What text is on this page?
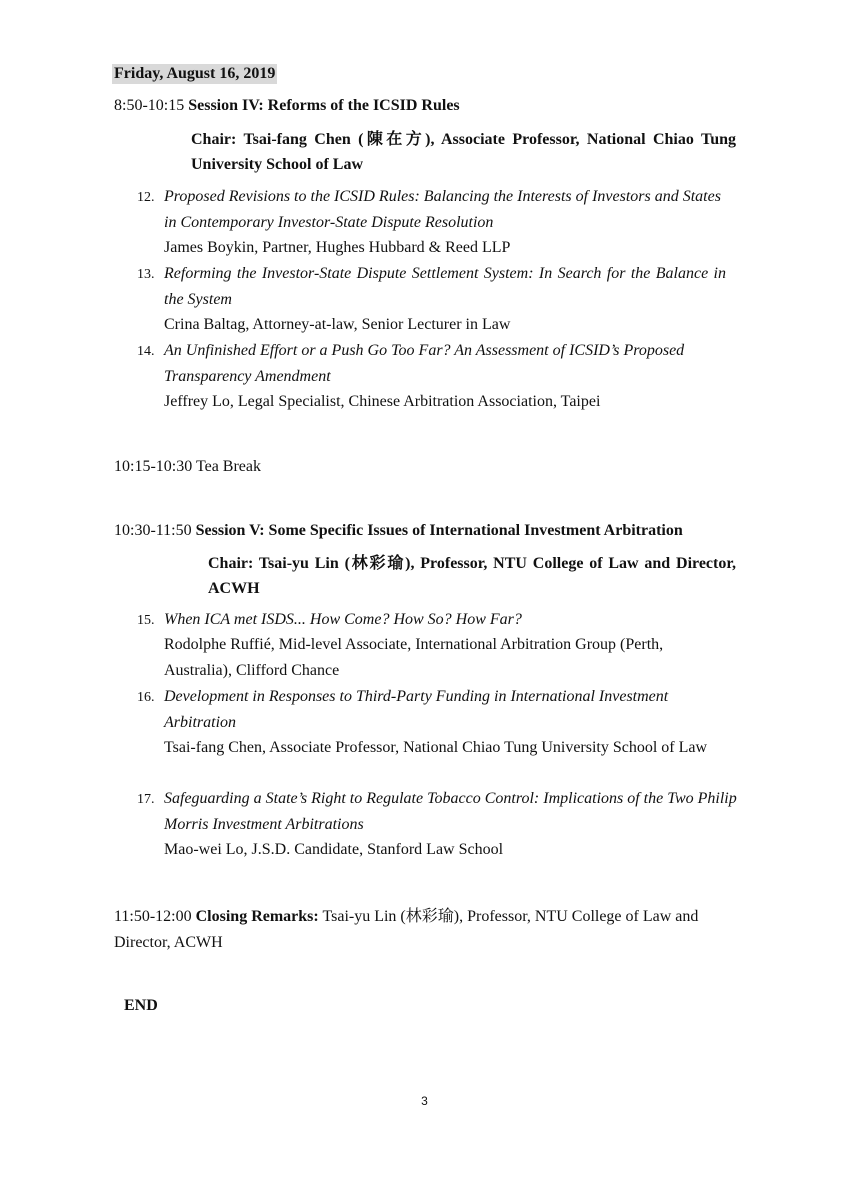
Friday, August 16, 2019
8:50-10:15 Session IV: Reforms of the ICSID Rules
Chair: Tsai-fang Chen (陳在方), Associate Professor, National Chiao Tung University School of Law
12. Proposed Revisions to the ICSID Rules: Balancing the Interests of Investors and States in Contemporary Investor-State Dispute Resolution
James Boykin, Partner, Hughes Hubbard & Reed LLP
13. Reforming the Investor-State Dispute Settlement System: In Search for the Balance in the System
Crina Baltag, Attorney-at-law, Senior Lecturer in Law
14. An Unfinished Effort or a Push Go Too Far? An Assessment of ICSID’s Proposed Transparency Amendment
Jeffrey Lo, Legal Specialist, Chinese Arbitration Association, Taipei
10:15-10:30 Tea Break
10:30-11:50 Session V: Some Specific Issues of International Investment Arbitration
Chair: Tsai-yu Lin (林彩瑜), Professor, NTU College of Law and Director, ACWH
15. When ICA met ISDS... How Come? How So? How Far?
Rodolphe Ruffié, Mid-level Associate, International Arbitration Group (Perth, Australia), Clifford Chance
16. Development in Responses to Third-Party Funding in International Investment Arbitration
Tsai-fang Chen, Associate Professor, National Chiao Tung University School of Law
17. Safeguarding a State’s Right to Regulate Tobacco Control: Implications of the Two Philip Morris Investment Arbitrations
Mao-wei Lo, J.S.D. Candidate, Stanford Law School
11:50-12:00 Closing Remarks: Tsai-yu Lin (林彩瑜), Professor, NTU College of Law and Director, ACWH
END
3
